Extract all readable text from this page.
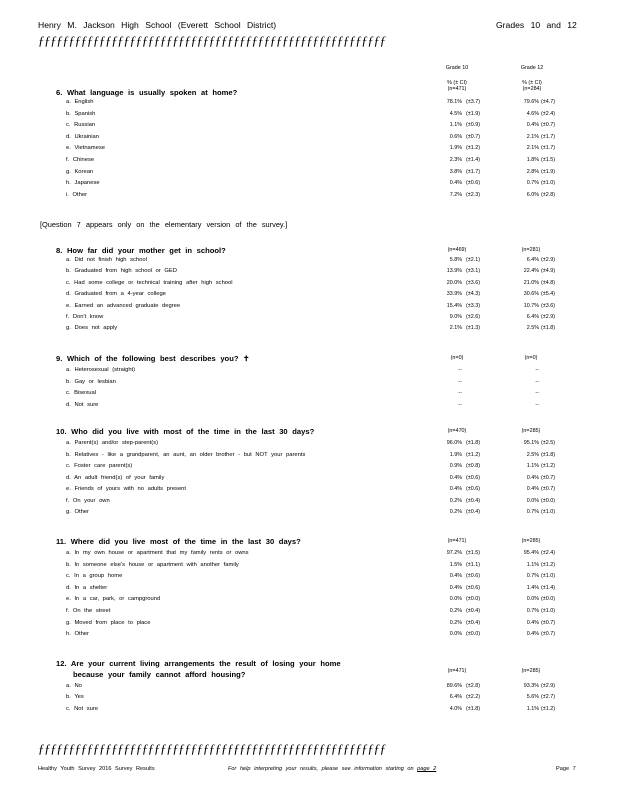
Henry M. Jackson High School (Everett School District)	Grades 10 and 12
ƒƒƒƒƒƒƒƒƒƒƒƒƒƒƒƒƒƒƒƒƒƒƒƒƒƒƒƒƒƒƒƒƒƒƒƒƒƒƒƒƒƒƒƒƒƒƒƒƒƒƒƒƒƒƒƒƒ
Grade 10
% (± CI)
(n=471)
Grade 12
% (± CI)
(n=284)
6. What language is usually spoken at home?
a. English	78.1% (±3.7)	79.6% (±4.7)
b. Spanish	4.5% (±1.9)	4.6% (±2.4)
c. Russian	1.1% (±0.9)	0.4% (±0.7)
d. Ukrainian	0.6% (±0.7)	2.1% (±1.7)
e. Vietnamese	1.9% (±1.2)	2.1% (±1.7)
f. Chinese	2.3% (±1.4)	1.8% (±1.5)
g. Korean	3.8% (±1.7)	2.8% (±1.9)
h. Japanese	0.4% (±0.6)	0.7% (±1.0)
i. Other	7.2% (±2.3)	6.0% (±2.8)
8. How far did your mother get in school?	(n=469)	(n=281)
a. Did not finish high school	5.8% (±2.1)	6.4% (±2.9)
b. Graduated from high school or GED	13.9% (±3.1)	22.4% (±4.9)
c. Had some college or technical training after high school	20.0% (±3.6)	21.0% (±4.8)
d. Graduated from a 4-year college	33.9% (±4.3)	30.6% (±5.4)
e. Earned an advanced graduate degree	15.4% (±3.3)	10.7% (±3.6)
f. Don't know	9.0% (±2.6)	6.4% (±2.9)
g. Does not apply	2.1% (±1.3)	2.5% (±1.8)
9. Which of the following best describes you? ✝	(n=0)	(n=0)
a. Heterosexual (straight)	--	--
b. Gay or lesbian	--	--
c. Bisexual	--	--
d. Not sure	--	--
10. Who did you live with most of the time in the last 30 days?	(n=470)	(n=285)
a. Parent(s) and/or step-parent(s)	96.0% (±1.8)	95.1% (±2.5)
b. Relatives - like a grandparent, an aunt, an older brother - but NOT your parents	1.9% (±1.2)	2.5% (±1.8)
c. Foster care parent(s)	0.9% (±0.8)	1.1% (±1.2)
d. An adult friend(s) of your family	0.4% (±0.6)	0.4% (±0.7)
e. Friends of yours with no adults present	0.4% (±0.6)	0.4% (±0.7)
f. On your own	0.2% (±0.4)	0.0% (±0.0)
g. Other	0.2% (±0.4)	0.7% (±1.0)
11. Where did you live most of the time in the last 30 days?	(n=471)	(n=285)
a. In my own house or apartment that my family rents or owns	97.2% (±1.5)	95.4% (±2.4)
b. In someone else's house or apartment with another family	1.5% (±1.1)	1.1% (±1.2)
c. In a group home	0.4% (±0.6)	0.7% (±1.0)
d. In a shelter	0.4% (±0.6)	1.4% (±1.4)
e. In a car, park, or campground	0.0% (±0.0)	0.0% (±0.0)
f. On the street	0.2% (±0.4)	0.7% (±1.0)
g. Moved from place to place	0.2% (±0.4)	0.4% (±0.7)
h. Other	0.0% (±0.0)	0.4% (±0.7)
12. Are your current living arrangements the result of losing your home
because your family cannot afford housing?	(n=471)	(n=285)
a. No	89.6% (±2.8)	93.3% (±2.9)
b. Yes	6.4% (±2.2)	5.6% (±2.7)
c. Not sure	4.0% (±1.8)	1.1% (±1.2)
[Question 7 appears only on the elementary version of the survey.]
ƒƒƒƒƒƒƒƒƒƒƒƒƒƒƒƒƒƒƒƒƒƒƒƒƒƒƒƒƒƒƒƒƒƒƒƒƒƒƒƒƒƒƒƒƒƒƒƒƒƒƒƒƒƒƒƒƒ
Healthy Youth Survey 2016 Survey Results	For help interpreting your results, please see information starting on page 2	Page 7
